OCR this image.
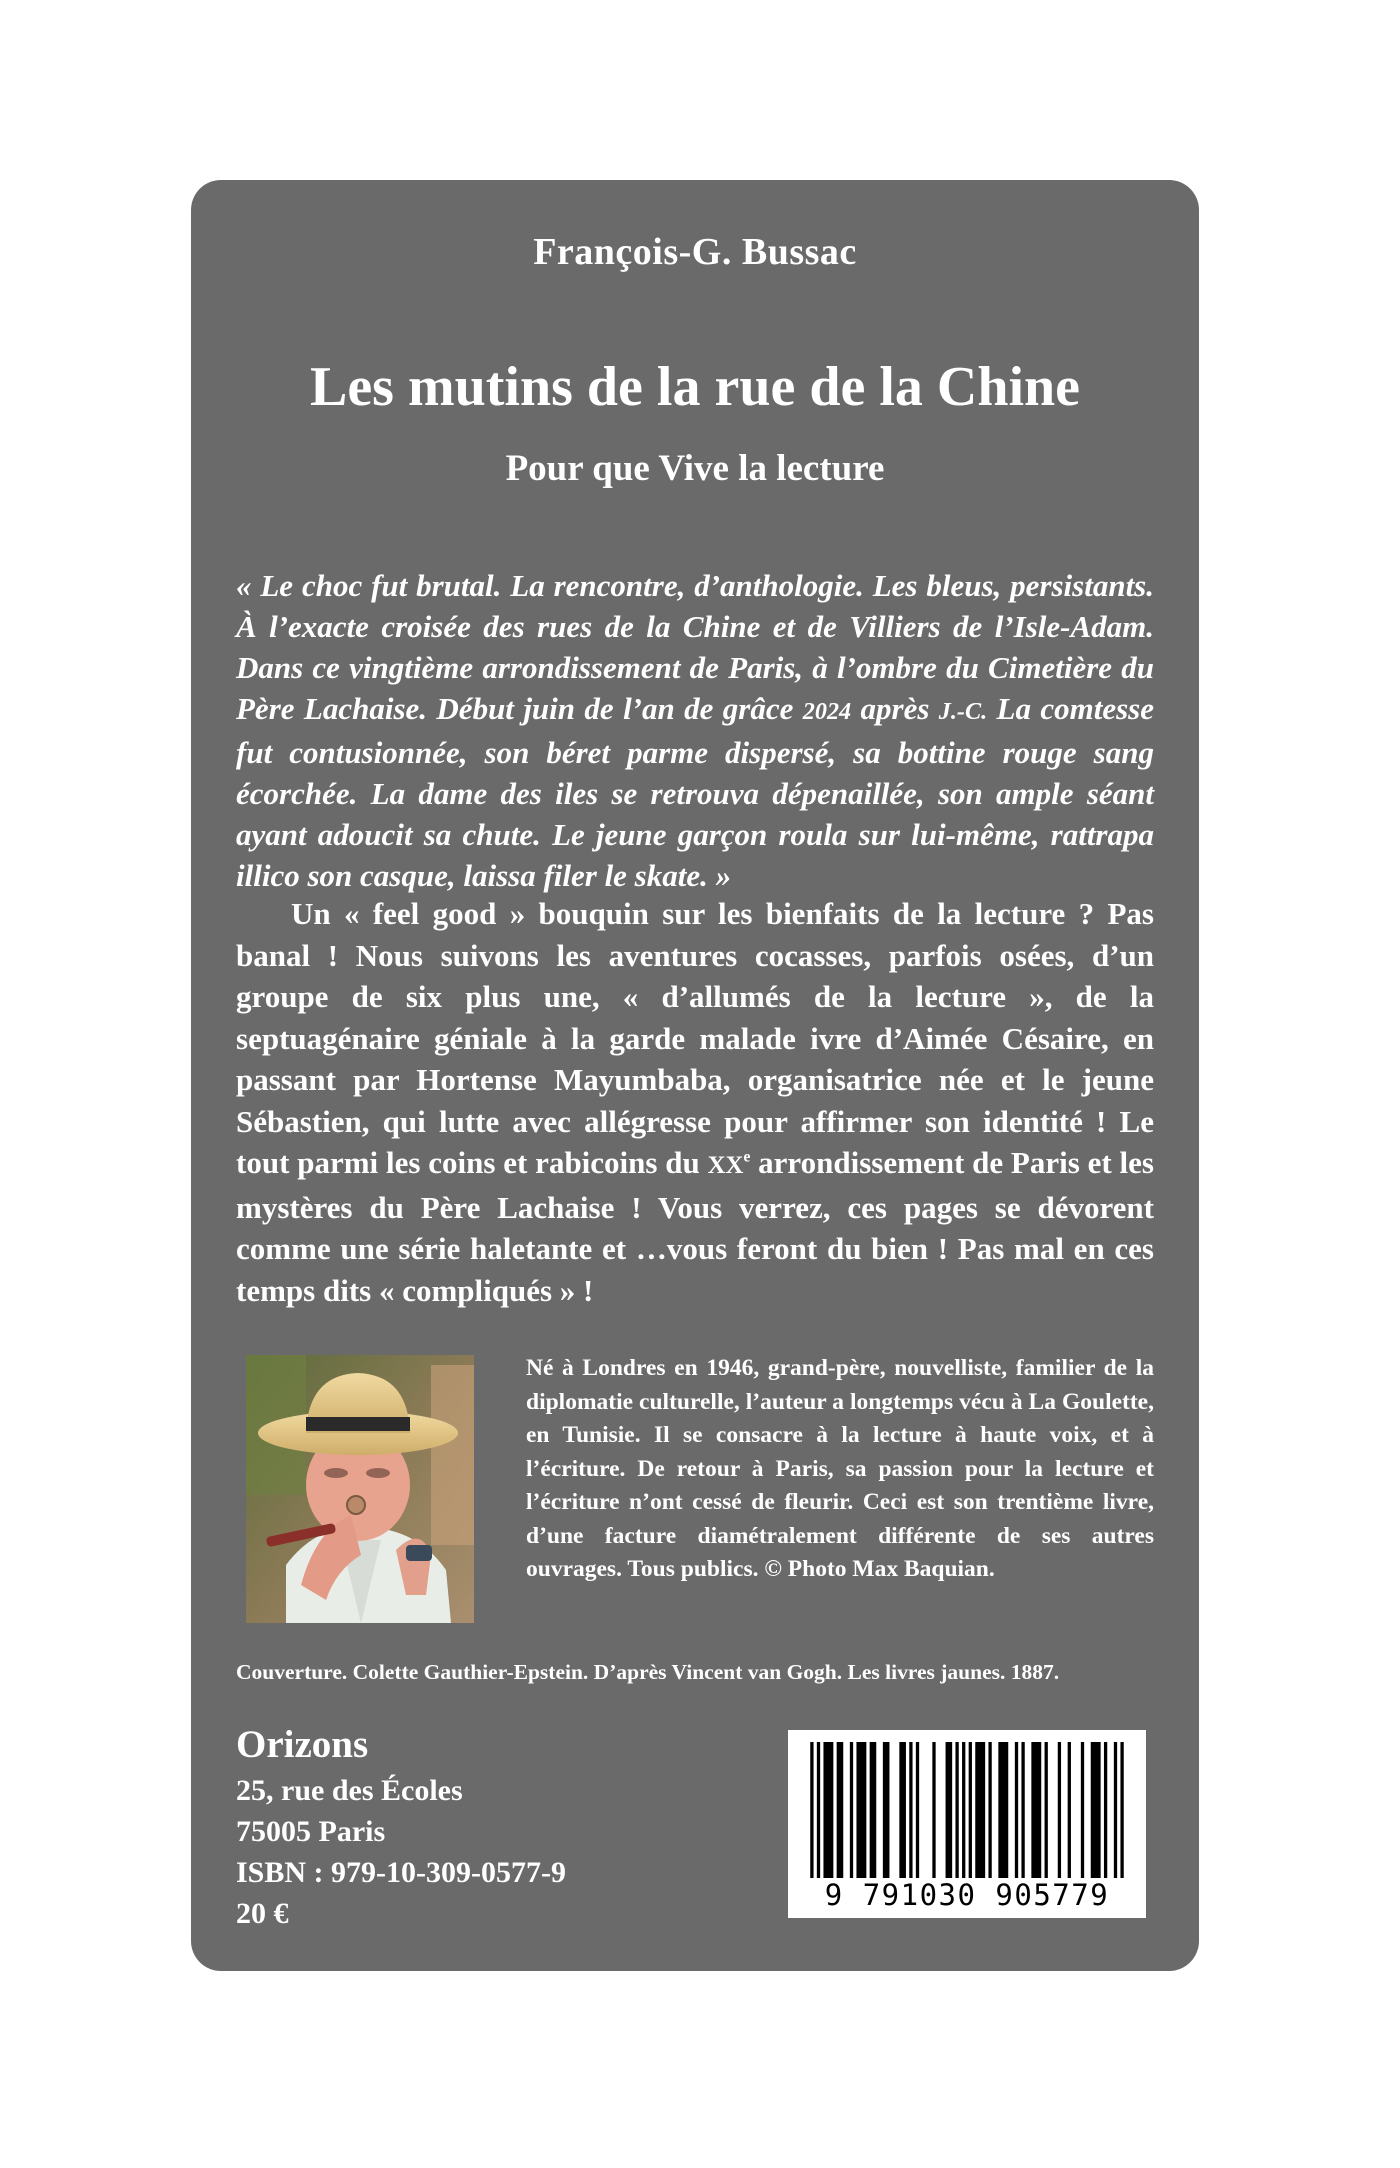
François-G. Bussac
Les mutins de la rue de la Chine
Pour que Vive la lecture

« Le choc fut brutal. La rencontre, d’anthologie. Les bleus, persistants. À l’exacte croisée des rues de la Chine et de Villiers de l’Isle-Adam. Dans ce vingtième arrondissement de Paris, à l’ombre du Cimetière du Père Lachaise. Début juin de l’an de grâce 2024 après J.-C. La comtesse fut contusionnée, son béret parme dispersé, sa bottine rouge sang écorchée. La dame des iles se retrouva dépenaillée, son ample séant ayant adoucit sa chute. Le jeune garçon roula sur lui-même, rattrapa illico son casque, laissa filer le skate. »

Un « feel good » bouquin sur les bienfaits de la lecture ? Pas banal ! Nous suivons les aventures cocasses, parfois osées, d’un groupe de six plus une, « d’allumés de la lecture », de la septuagénaire géniale à la garde malade ivre d’Aimée Césaire, en passant par Hortense Mayumbaba, organisatrice née et le jeune Sébastien, qui lutte avec allégresse pour affirmer son identité ! Le tout parmi les coins et rabicoins du XXe arrondissement de Paris et les mystères du Père Lachaise ! Vous verrez, ces pages se dévorent comme une série haletante et …vous feront du bien ! Pas mal en ces temps dits « compliqués » !

Né à Londres en 1946, grand-père, nouvelliste, familier de la diplomatie culturelle, l’auteur a longtemps vécu à La Goulette, en Tunisie. Il se consacre à la lecture à haute voix, et à l’écriture. De retour à Paris, sa passion pour la lecture et l’écriture n’ont cessé de fleurir. Ceci est son trentième livre, d’une facture diamétralement différente de ses autres ouvrages. Tous publics. © Photo Max Baquian.

Couverture. Colette Gauthier-Epstein. D’après Vincent van Gogh. Les livres jaunes. 1887.

Orizons
25, rue des Écoles
75005 Paris
ISBN : 979-10-309-0577-9
20 €
9 791030 905779
